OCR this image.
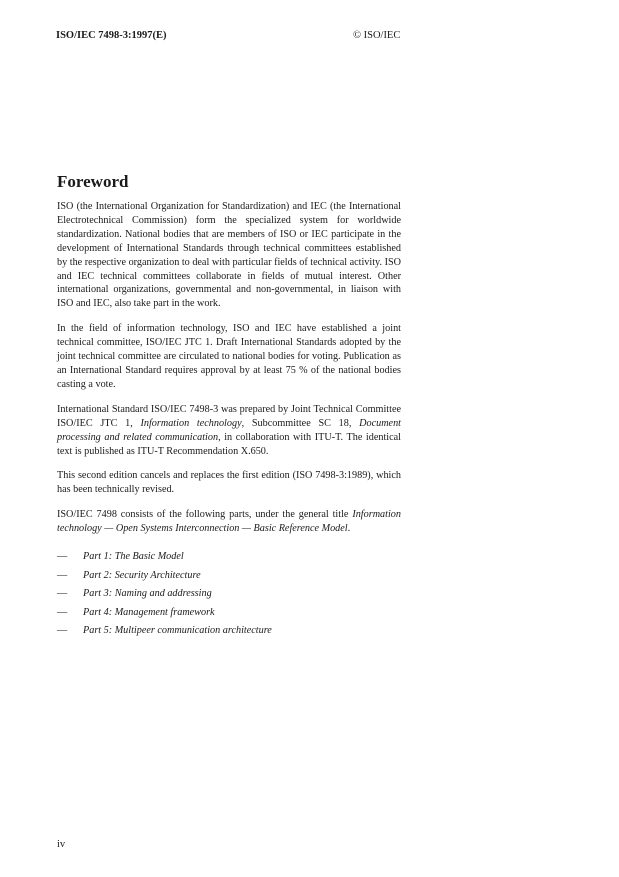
ISO/IEC 7498-3:1997(E)	© ISO/IEC
Foreword

ISO (the International Organization for Standardization) and IEC (the International Electrotechnical Commission) form the specialized system for worldwide standardization. National bodies that are members of ISO or IEC participate in the development of International Standards through technical committees established by the respective organization to deal with particular fields of technical activity. ISO and IEC technical committees collaborate in fields of mutual interest. Other international organizations, governmental and non-governmental, in liaison with ISO and IEC, also take part in the work.

In the field of information technology, ISO and IEC have established a joint technical committee, ISO/IEC JTC 1. Draft International Standards adopted by the joint technical committee are circulated to national bodies for voting. Publication as an International Standard requires approval by at least 75 % of the national bodies casting a vote.

International Standard ISO/IEC 7498-3 was prepared by Joint Technical Committee ISO/IEC JTC 1, Information technology, Subcommittee SC 18, Document processing and related communication, in collaboration with ITU-T. The identical text is published as ITU-T Recommendation X.650.

This second edition cancels and replaces the first edition (ISO 7498-3:1989), which has been technically revised.

ISO/IEC 7498 consists of the following parts, under the general title Information technology — Open Systems Interconnection — Basic Reference Model.

—	Part 1: The Basic Model
—	Part 2: Security Architecture
—	Part 3: Naming and addressing
—	Part 4: Management framework
—	Part 5: Multipeer communication architecture
iv
